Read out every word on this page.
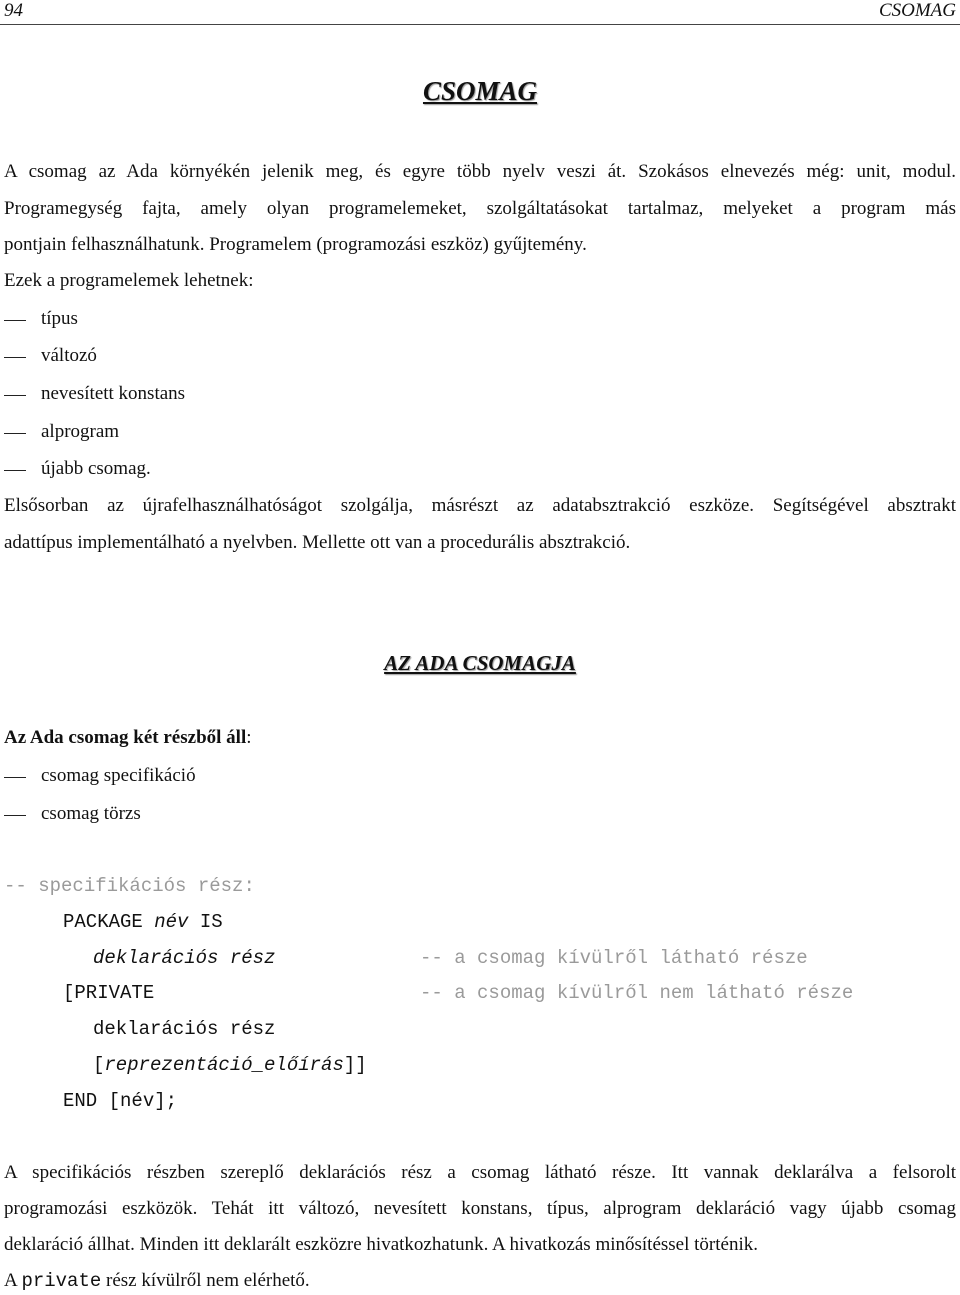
94	CSOMAG
CSOMAG
A csomag az Ada környékén jelenik meg, és egyre több nyelv veszi át. Szokásos elnevezés még: unit, modul.
Programegység fajta, amely olyan programelemeket, szolgáltatásokat tartalmaz, melyeket a program más
pontjain felhasználhatunk. Programelem (programozási eszköz) gyűjtemény.
Ezek a programelemek lehetnek:
típus
változó
nevesített konstans
alprogram
újabb csomag.
Elsősorban az újrafelhasználhatóságot szolgálja, másrészt az adatabsztrakció eszköze. Segítségével absztrakt
adattípus implementálható a nyelvben. Mellette ott van a procedurális absztrakció.
AZ ADA CSOMAGJA
Az Ada csomag két részből áll:
csomag specifikáció
csomag törzs
-- specifikációs rész:
PACKAGE név IS
deklarációs rész	-- a csomag kívülről látható része
[PRIVATE	-- a csomag kívülről nem látható része
deklarációs rész
[reprezentáció_előírás]]
END [név];
A specifikációs részben szereplő deklarációs rész a csomag látható része. Itt vannak deklarálva a felsorolt
programozási eszközök. Tehát itt változó, nevesített konstans, típus, alprogram deklaráció vagy újabb csomag
deklaráció állhat. Minden itt deklarált eszközre hivatkozhatunk. A hivatkozás minősítéssel történik.
A private rész kívülről nem elérhető.
